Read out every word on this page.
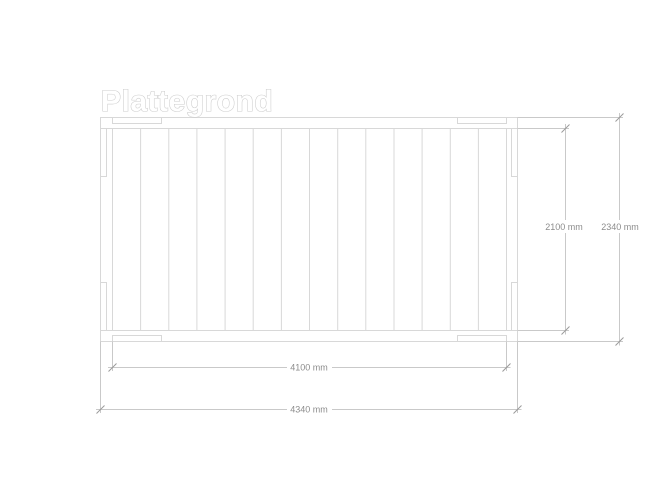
2100 mm 2340 mm
4100 mm
4340 mm
Plattegrond
